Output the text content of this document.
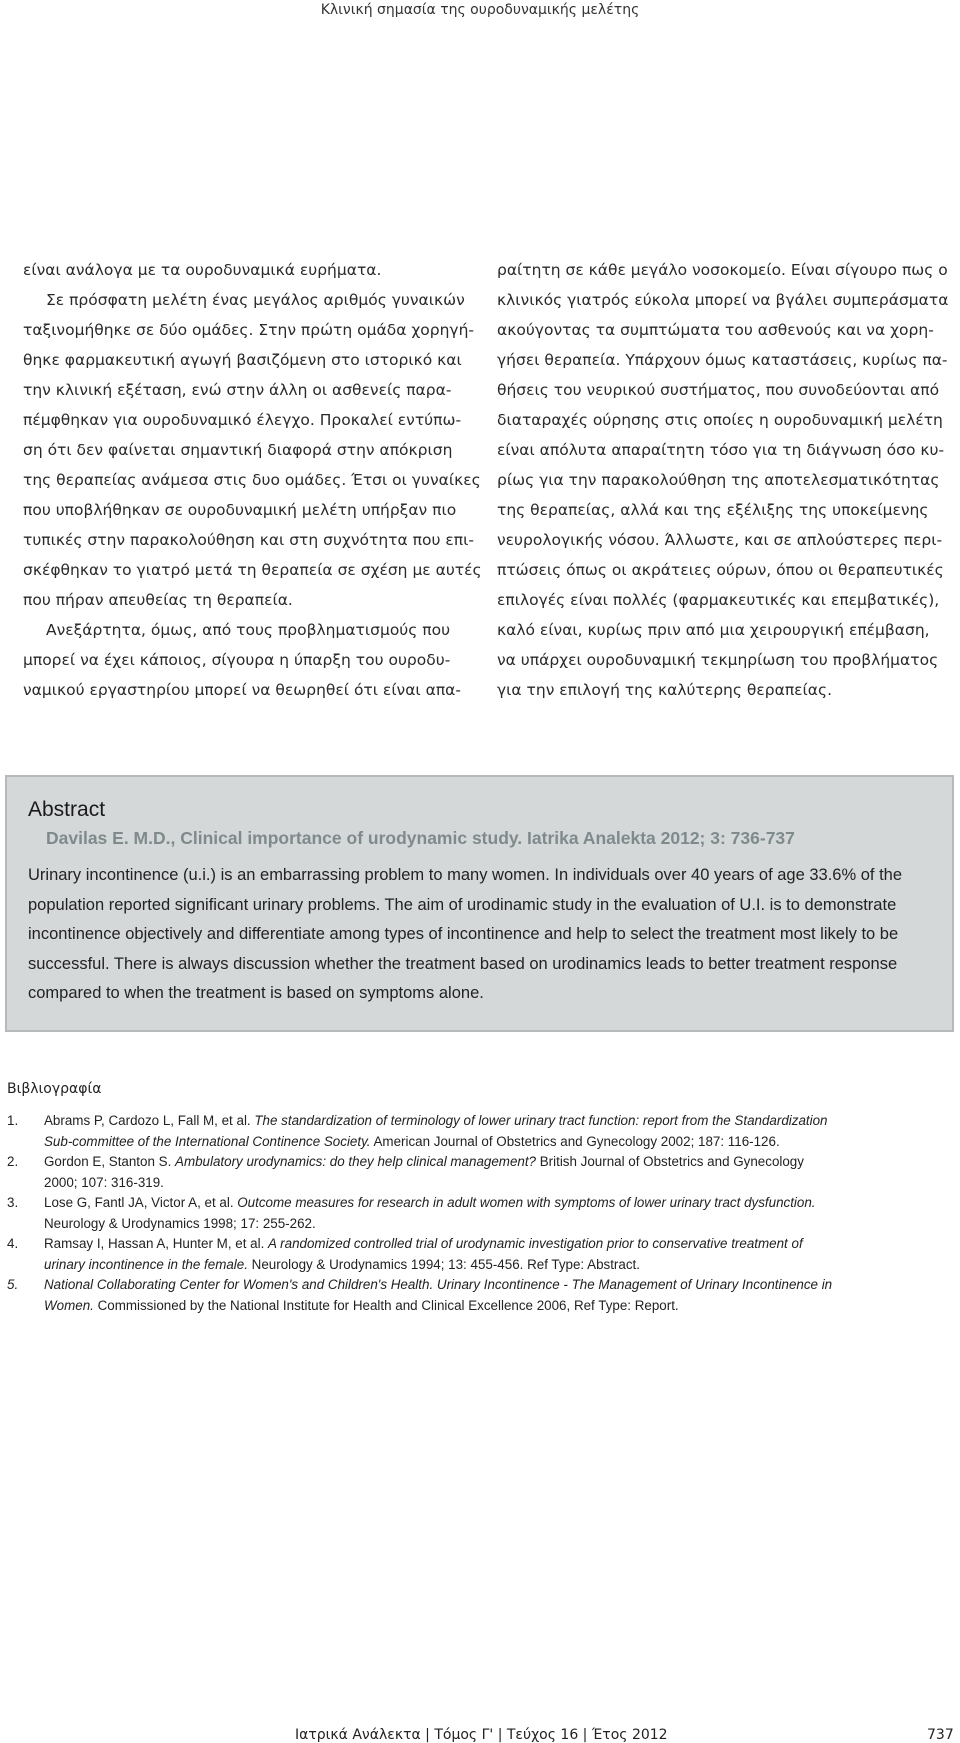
Κλινική σημασία της ουροδυναμικής μελέτης
είναι ανάλογα με τα ουροδυναμικά ευρήματα.
Σε πρόσφατη μελέτη ένας μεγάλος αριθμός γυναικών
ταξινομήθηκε σε δύο ομάδες. Στην πρώτη ομάδα χορηγή-
θηκε φαρμακευτική αγωγή βασιζόμενη στο ιστορικό και
την κλινική εξέταση, ενώ στην άλλη οι ασθενείς παρα-
πέμφθηκαν για ουροδυναμικό έλεγχο. Προκαλεί εντύπω-
ση ότι δεν φαίνεται σημαντική διαφορά στην απόκριση
της θεραπείας ανάμεσα στις δυο ομάδες. Έτσι οι γυναίκες
που υποβλήθηκαν σε ουροδυναμική μελέτη υπήρξαν πιο
τυπικές στην παρακολούθηση και στη συχνότητα που επι-
σκέφθηκαν το γιατρό μετά τη θεραπεία σε σχέση με αυτές
που πήραν απευθείας τη θεραπεία.
Ανεξάρτητα, όμως, από τους προβληματισμούς που
μπορεί να έχει κάποιος, σίγουρα η ύπαρξη του ουροδυ-
ναμικού εργαστηρίου μπορεί να θεωρηθεί ότι είναι απα-
ραίτητη σε κάθε μεγάλο νοσοκομείο. Είναι σίγουρο πως ο
κλινικός γιατρός εύκολα μπορεί να βγάλει συμπεράσματα
ακούγοντας τα συμπτώματα του ασθενούς και να χορη-
γήσει θεραπεία. Υπάρχουν όμως καταστάσεις, κυρίως πα-
θήσεις του νευρικού συστήματος, που συνοδεύονται από
διαταραχές ούρησης στις οποίες η ουροδυναμική μελέτη
είναι απόλυτα απαραίτητη τόσο για τη διάγνωση όσο κυ-
ρίως για την παρακολούθηση της αποτελεσματικότητας
της θεραπείας, αλλά και της εξέλιξης της υποκείμενης
νευρολογικής νόσου. Άλλωστε, και σε απλούστερες περι-
πτώσεις όπως οι ακράτειες ούρων, όπου οι θεραπευτικές
επιλογές είναι πολλές (φαρμακευτικές και επεμβατικές),
καλό είναι, κυρίως πριν από μια χειρουργική επέμβαση,
να υπάρχει ουροδυναμική τεκμηρίωση του προβλήματος
για την επιλογή της καλύτερης θεραπείας.
Abstract
Davilas E. M.D., Clinical importance of urodynamic study. Iatrika Analekta 2012; 3: 736-737
Urinary incontinence (u.i.) is an embarrassing problem to many women. In individuals over 40 years of age 33.6% of the
population reported significant urinary problems. The aim of urodinamic study in the evaluation of U.I. is to demonstrate
incontinence objectively and differentiate among types of incontinence and help to select the treatment most likely to be
successful. There is always discussion whether the treatment based on urodinamics leads to better treatment response
compared to when the treatment is based on symptoms alone.
Βιβλιογραφία
1. Abrams P, Cardozo L, Fall M, et al. The standardization of terminology of lower urinary tract function: report from the Standardization
Sub-committee of the International Continence Society. American Journal of Obstetrics and Gynecology 2002; 187: 116-126.
2. Gordon E, Stanton S. Ambulatory urodynamics: do they help clinical management? British Journal of Obstetrics and Gynecology
2000; 107: 316-319.
3. Lose G, Fantl JA, Victor A, et al. Outcome measures for research in adult women with symptoms of lower urinary tract dysfunction.
Neurology & Urodynamics 1998; 17: 255-262.
4. Ramsay I, Hassan A, Hunter M, et al. A randomized controlled trial of urodynamic investigation prior to conservative treatment of
urinary incontinence in the female. Neurology & Urodynamics 1994; 13: 455-456. Ref Type: Abstract.
5. National Collaborating Center for Women's and Children's Health. Urinary Incontinence - The Management of Urinary Incontinence in
Women. Commissioned by the National Institute for Health and Clinical Excellence 2006, Ref Type: Report.
Ιατρικά Ανάλεκτα | Τόμος Γ' | Τεύχος 16 | Έτος 2012	737
